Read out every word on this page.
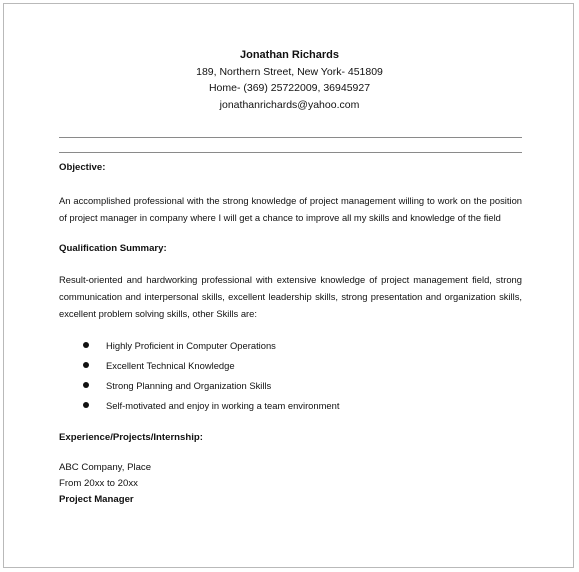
Jonathan Richards
189, Northern Street, New York- 451809
Home- (369) 25722009, 36945927
jonathanrichards@yahoo.com

Objective:

An accomplished professional with the strong knowledge of project management willing to work on the position of project manager in company where I will get a chance to improve all my skills and knowledge of the field

Qualification Summary:

Result-oriented and hardworking professional with extensive knowledge of project management field, strong communication and interpersonal skills, excellent leadership skills, strong presentation and organization skills, excellent problem solving skills, other Skills are:

Highly Proficient in Computer Operations
Excellent Technical Knowledge
Strong Planning and Organization Skills
Self-motivated and enjoy in working a team environment

Experience/Projects/Internship:

ABC Company, Place
From 20xx to 20xx
Project Manager
